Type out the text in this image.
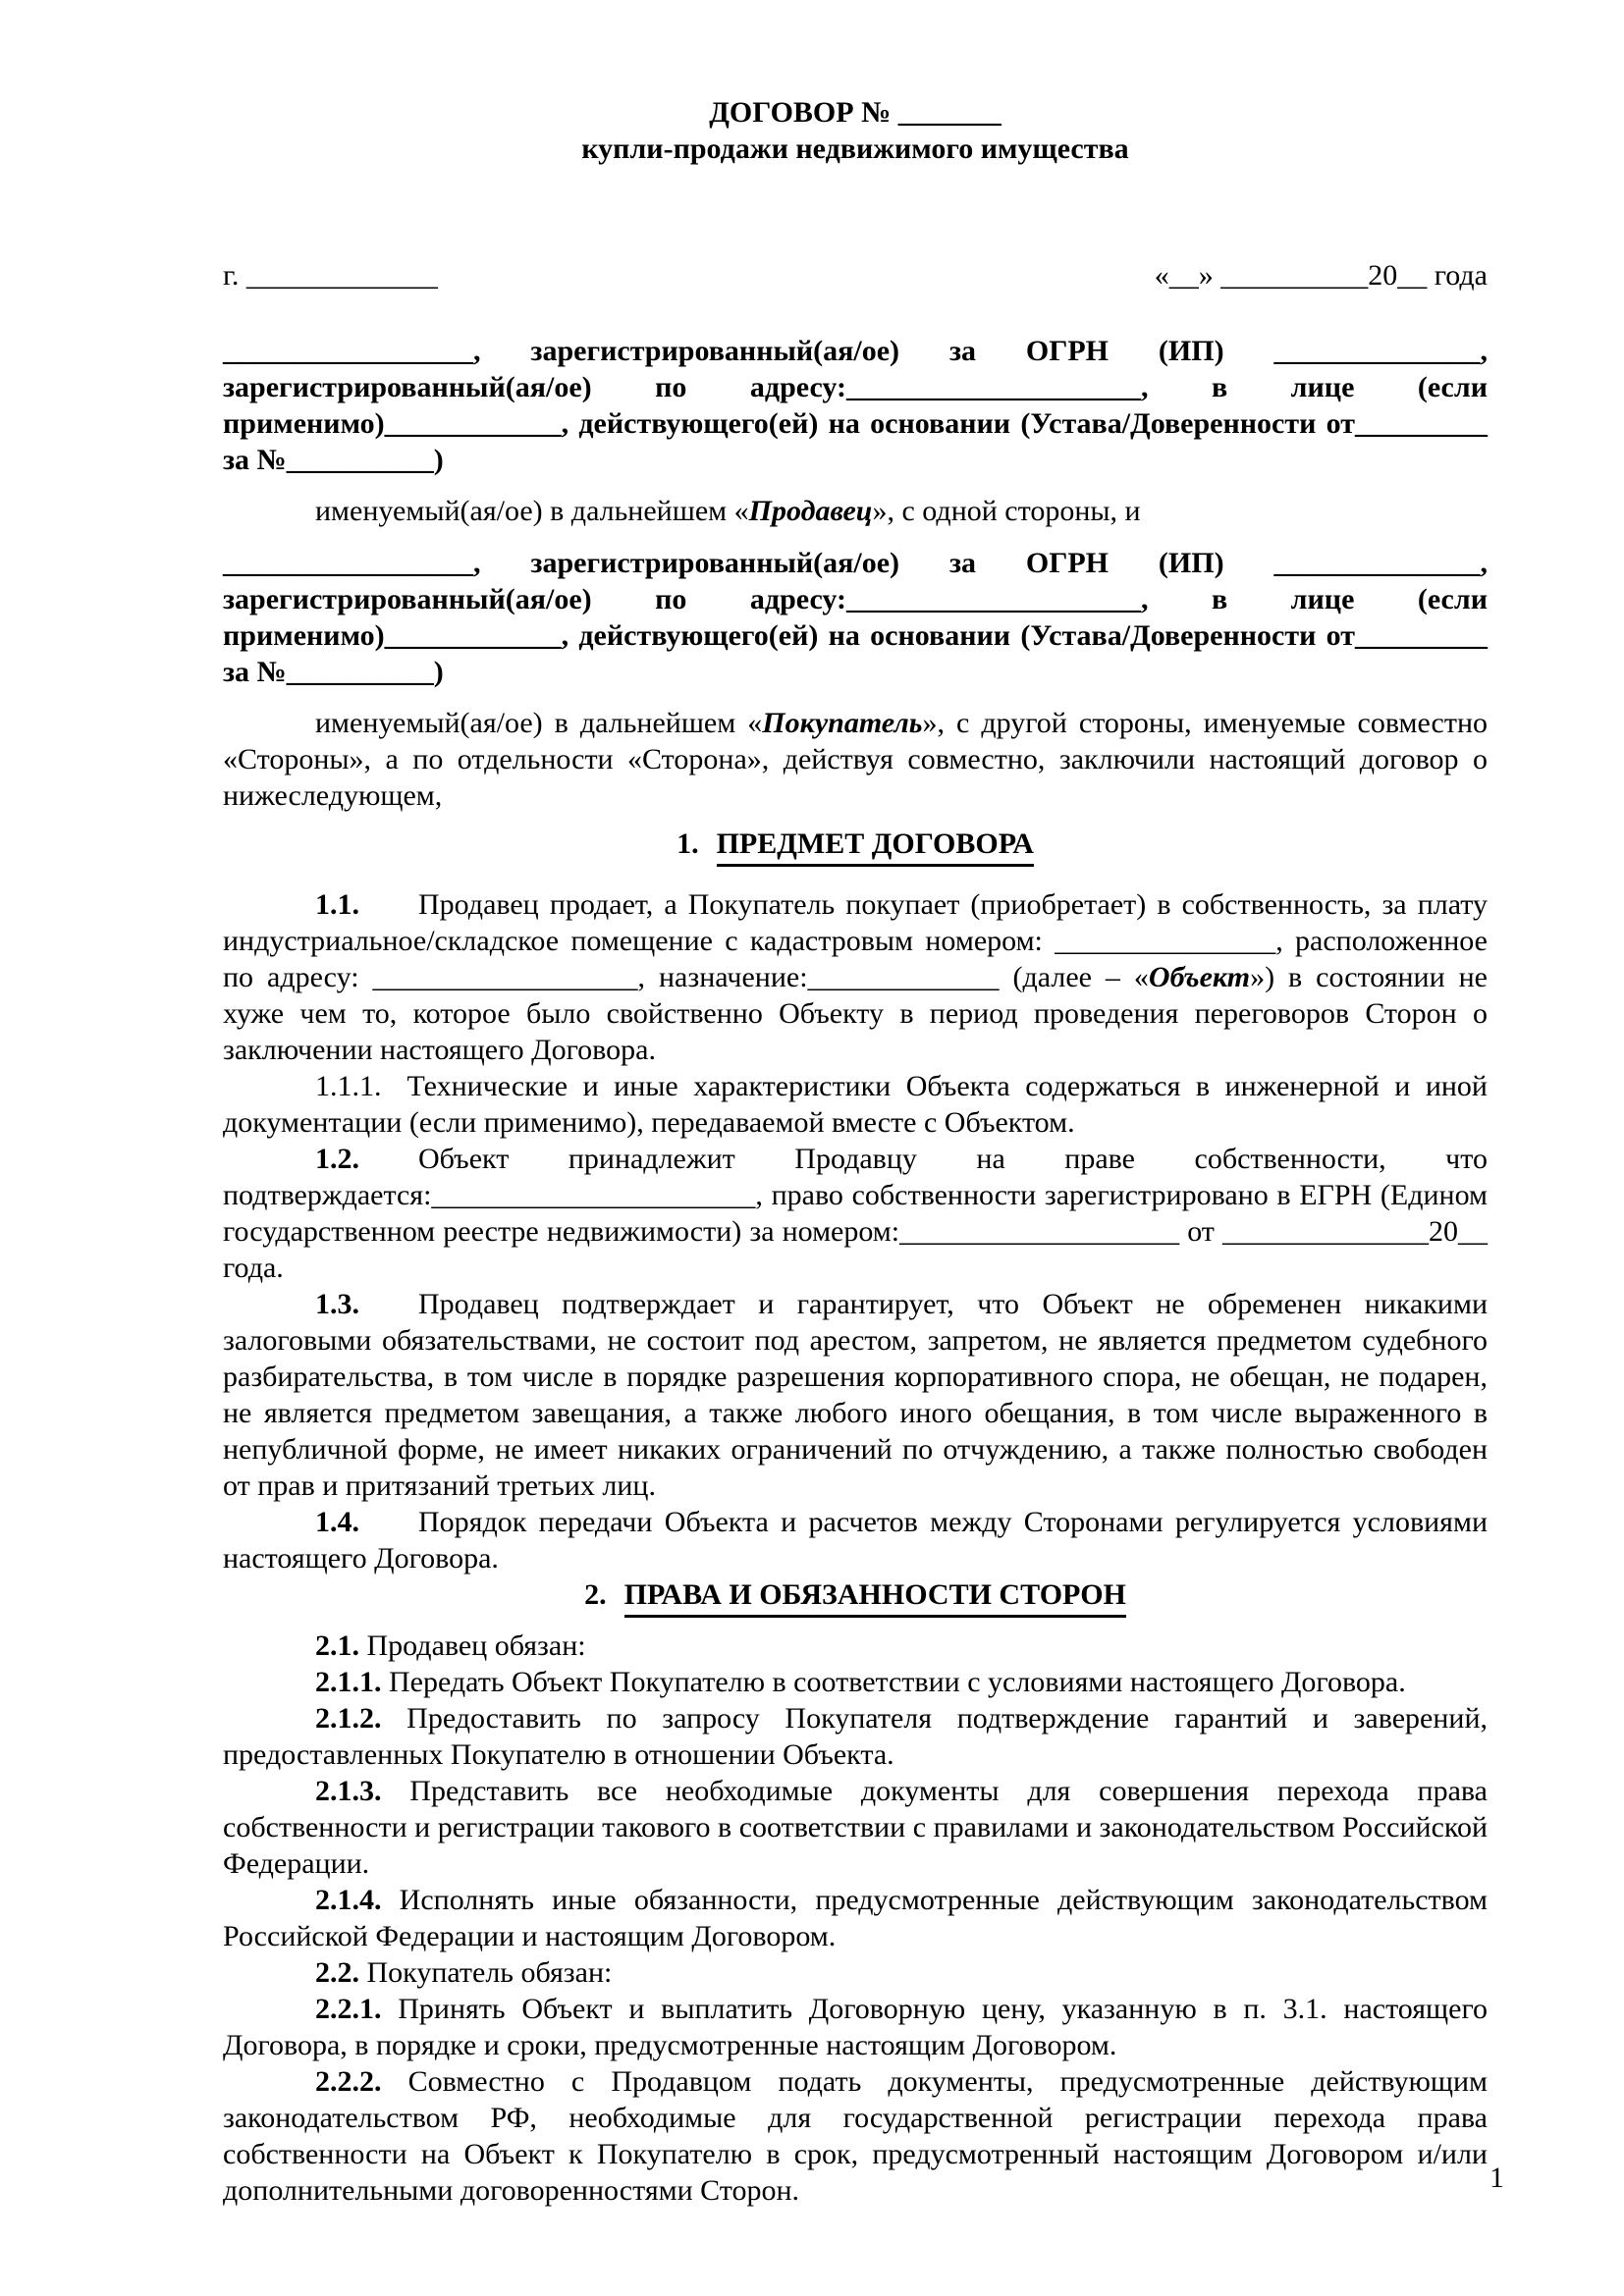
ДОГОВОР № _______
купли-продажи недвижимого имущества
г. _____________	«__» __________20__ года

_________________, зарегистрированный(ая/ое) за ОГРН (ИП) ______________, зарегистрированный(ая/ое) по адресу:____________________, в лице (если применимо)____________, действующего(ей) на основании (Устава/Доверенности от_________ за №__________)

именуемый(ая/ое) в дальнейшем «Продавец», с одной стороны, и

_________________, зарегистрированный(ая/ое) за ОГРН (ИП) ______________, зарегистрированный(ая/ое) по адресу:____________________, в лице (если применимо)____________, действующего(ей) на основании (Устава/Доверенности от_________ за №__________)

именуемый(ая/ое) в дальнейшем «Покупатель», с другой стороны, именуемые совместно «Стороны», а по отдельности «Сторона», действуя совместно, заключили настоящий договор о нижеследующем,

1. ПРЕДМЕТ ДОГОВОРА

1.1. Продавец продает, а Покупатель покупает (приобретает) в собственность, за плату индустриальное/складское помещение с кадастровым номером: _______________, расположенное по адресу: __________________, назначение:_____________ (далее – «Объект») в состоянии не хуже чем то, которое было свойственно Объекту в период проведения переговоров Сторон о заключении настоящего Договора.

1.1.1. Технические и иные характеристики Объекта содержаться в инженерной и иной документации (если применимо), передаваемой вместе с Объектом.

1.2. Объект принадлежит Продавцу на праве собственности, что подтверждается:______________________, право собственности зарегистрировано в ЕГРН (Едином государственном реестре недвижимости) за номером:___________________ от ______________20__ года.

1.3. Продавец подтверждает и гарантирует, что Объект не обременен никакими залоговыми обязательствами, не состоит под арестом, запретом, не является предметом судебного разбирательства, в том числе в порядке разрешения корпоративного спора, не обещан, не подарен, не является предметом завещания, а также любого иного обещания, в том числе выраженного в непубличной форме, не имеет никаких ограничений по отчуждению, а также полностью свободен от прав и притязаний третьих лиц.

1.4. Порядок передачи Объекта и расчетов между Сторонами регулируется условиями настоящего Договора.

2. ПРАВА И ОБЯЗАННОСТИ СТОРОН

2.1. Продавец обязан:

2.1.1. Передать Объект Покупателю в соответствии с условиями настоящего Договора.

2.1.2. Предоставить по запросу Покупателя подтверждение гарантий и заверений, предоставленных Покупателю в отношении Объекта.

2.1.3. Представить все необходимые документы для совершения перехода права собственности и регистрации такового в соответствии с правилами и законодательством Российской Федерации.

2.1.4. Исполнять иные обязанности, предусмотренные действующим законодательством Российской Федерации и настоящим Договором.

2.2. Покупатель обязан:

2.2.1. Принять Объект и выплатить Договорную цену, указанную в п. 3.1. настоящего Договора, в порядке и сроки, предусмотренные настоящим Договором.

2.2.2. Совместно с Продавцом подать документы, предусмотренные действующим законодательством РФ, необходимые для государственной регистрации перехода права собственности на Объект к Покупателю в срок, предусмотренный настоящим Договором и/или дополнительными договоренностями Сторон.	1
